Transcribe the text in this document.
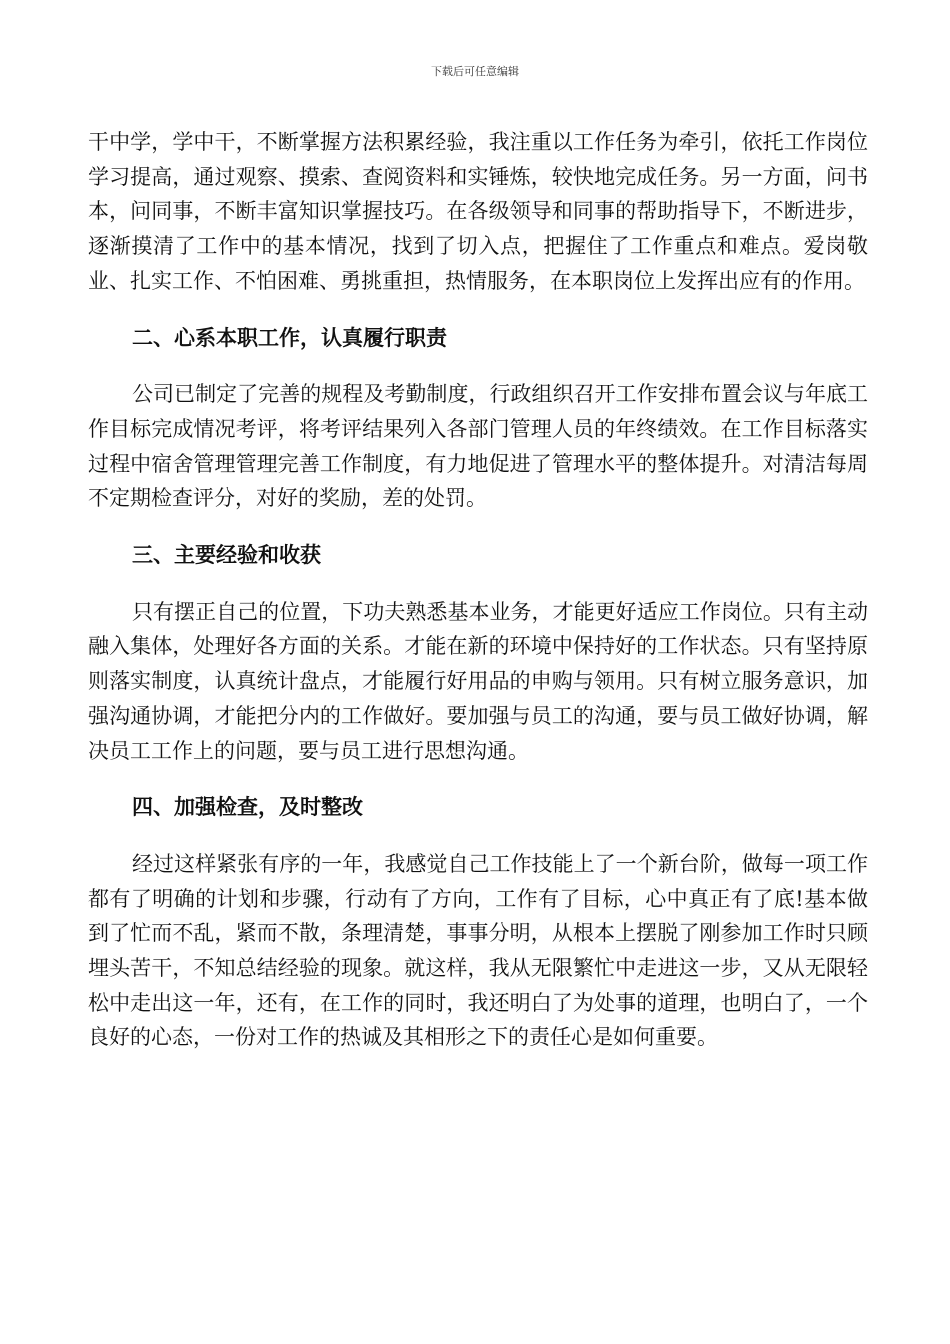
下载后可任意编辑

干中学，学中干，不断掌握方法积累经验，我注重以工作任务为牵引，依托工作岗位学习提高，通过观察、摸索、查阅资料和实锤炼，较快地完成任务。另一方面，问书本，问同事，不断丰富知识掌握技巧。在各级领导和同事的帮助指导下，不断进步，逐渐摸清了工作中的基本情况，找到了切入点，把握住了工作重点和难点。爱岗敬业、扎实工作、不怕困难、勇挑重担，热情服务，在本职岗位上发挥出应有的作用。

二、心系本职工作，认真履行职责

公司已制定了完善的规程及考勤制度，行政组织召开工作安排布置会议与年底工作目标完成情况考评，将考评结果列入各部门管理人员的年终绩效。在工作目标落实过程中宿舍管理管理完善工作制度，有力地促进了管理水平的整体提升。对清洁每周不定期检查评分，对好的奖励，差的处罚。

三、主要经验和收获

只有摆正自己的位置，下功夫熟悉基本业务，才能更好适应工作岗位。只有主动融入集体，处理好各方面的关系。才能在新的环境中保持好的工作状态。只有坚持原则落实制度，认真统计盘点，才能履行好用品的申购与领用。只有树立服务意识，加强沟通协调，才能把分内的工作做好。要加强与员工的沟通，要与员工做好协调，解决员工工作上的问题，要与员工进行思想沟通。

四、加强检查，及时整改

经过这样紧张有序的一年，我感觉自己工作技能上了一个新台阶，做每一项工作都有了明确的计划和步骤，行动有了方向，工作有了目标，心中真正有了底!基本做到了忙而不乱，紧而不散，条理清楚，事事分明，从根本上摆脱了刚参加工作时只顾埋头苦干，不知总结经验的现象。就这样，我从无限繁忙中走进这一步，又从无限轻松中走出这一年，还有，在工作的同时，我还明白了为处事的道理，也明白了，一个良好的心态，一份对工作的热诚及其相形之下的责任心是如何重要。
